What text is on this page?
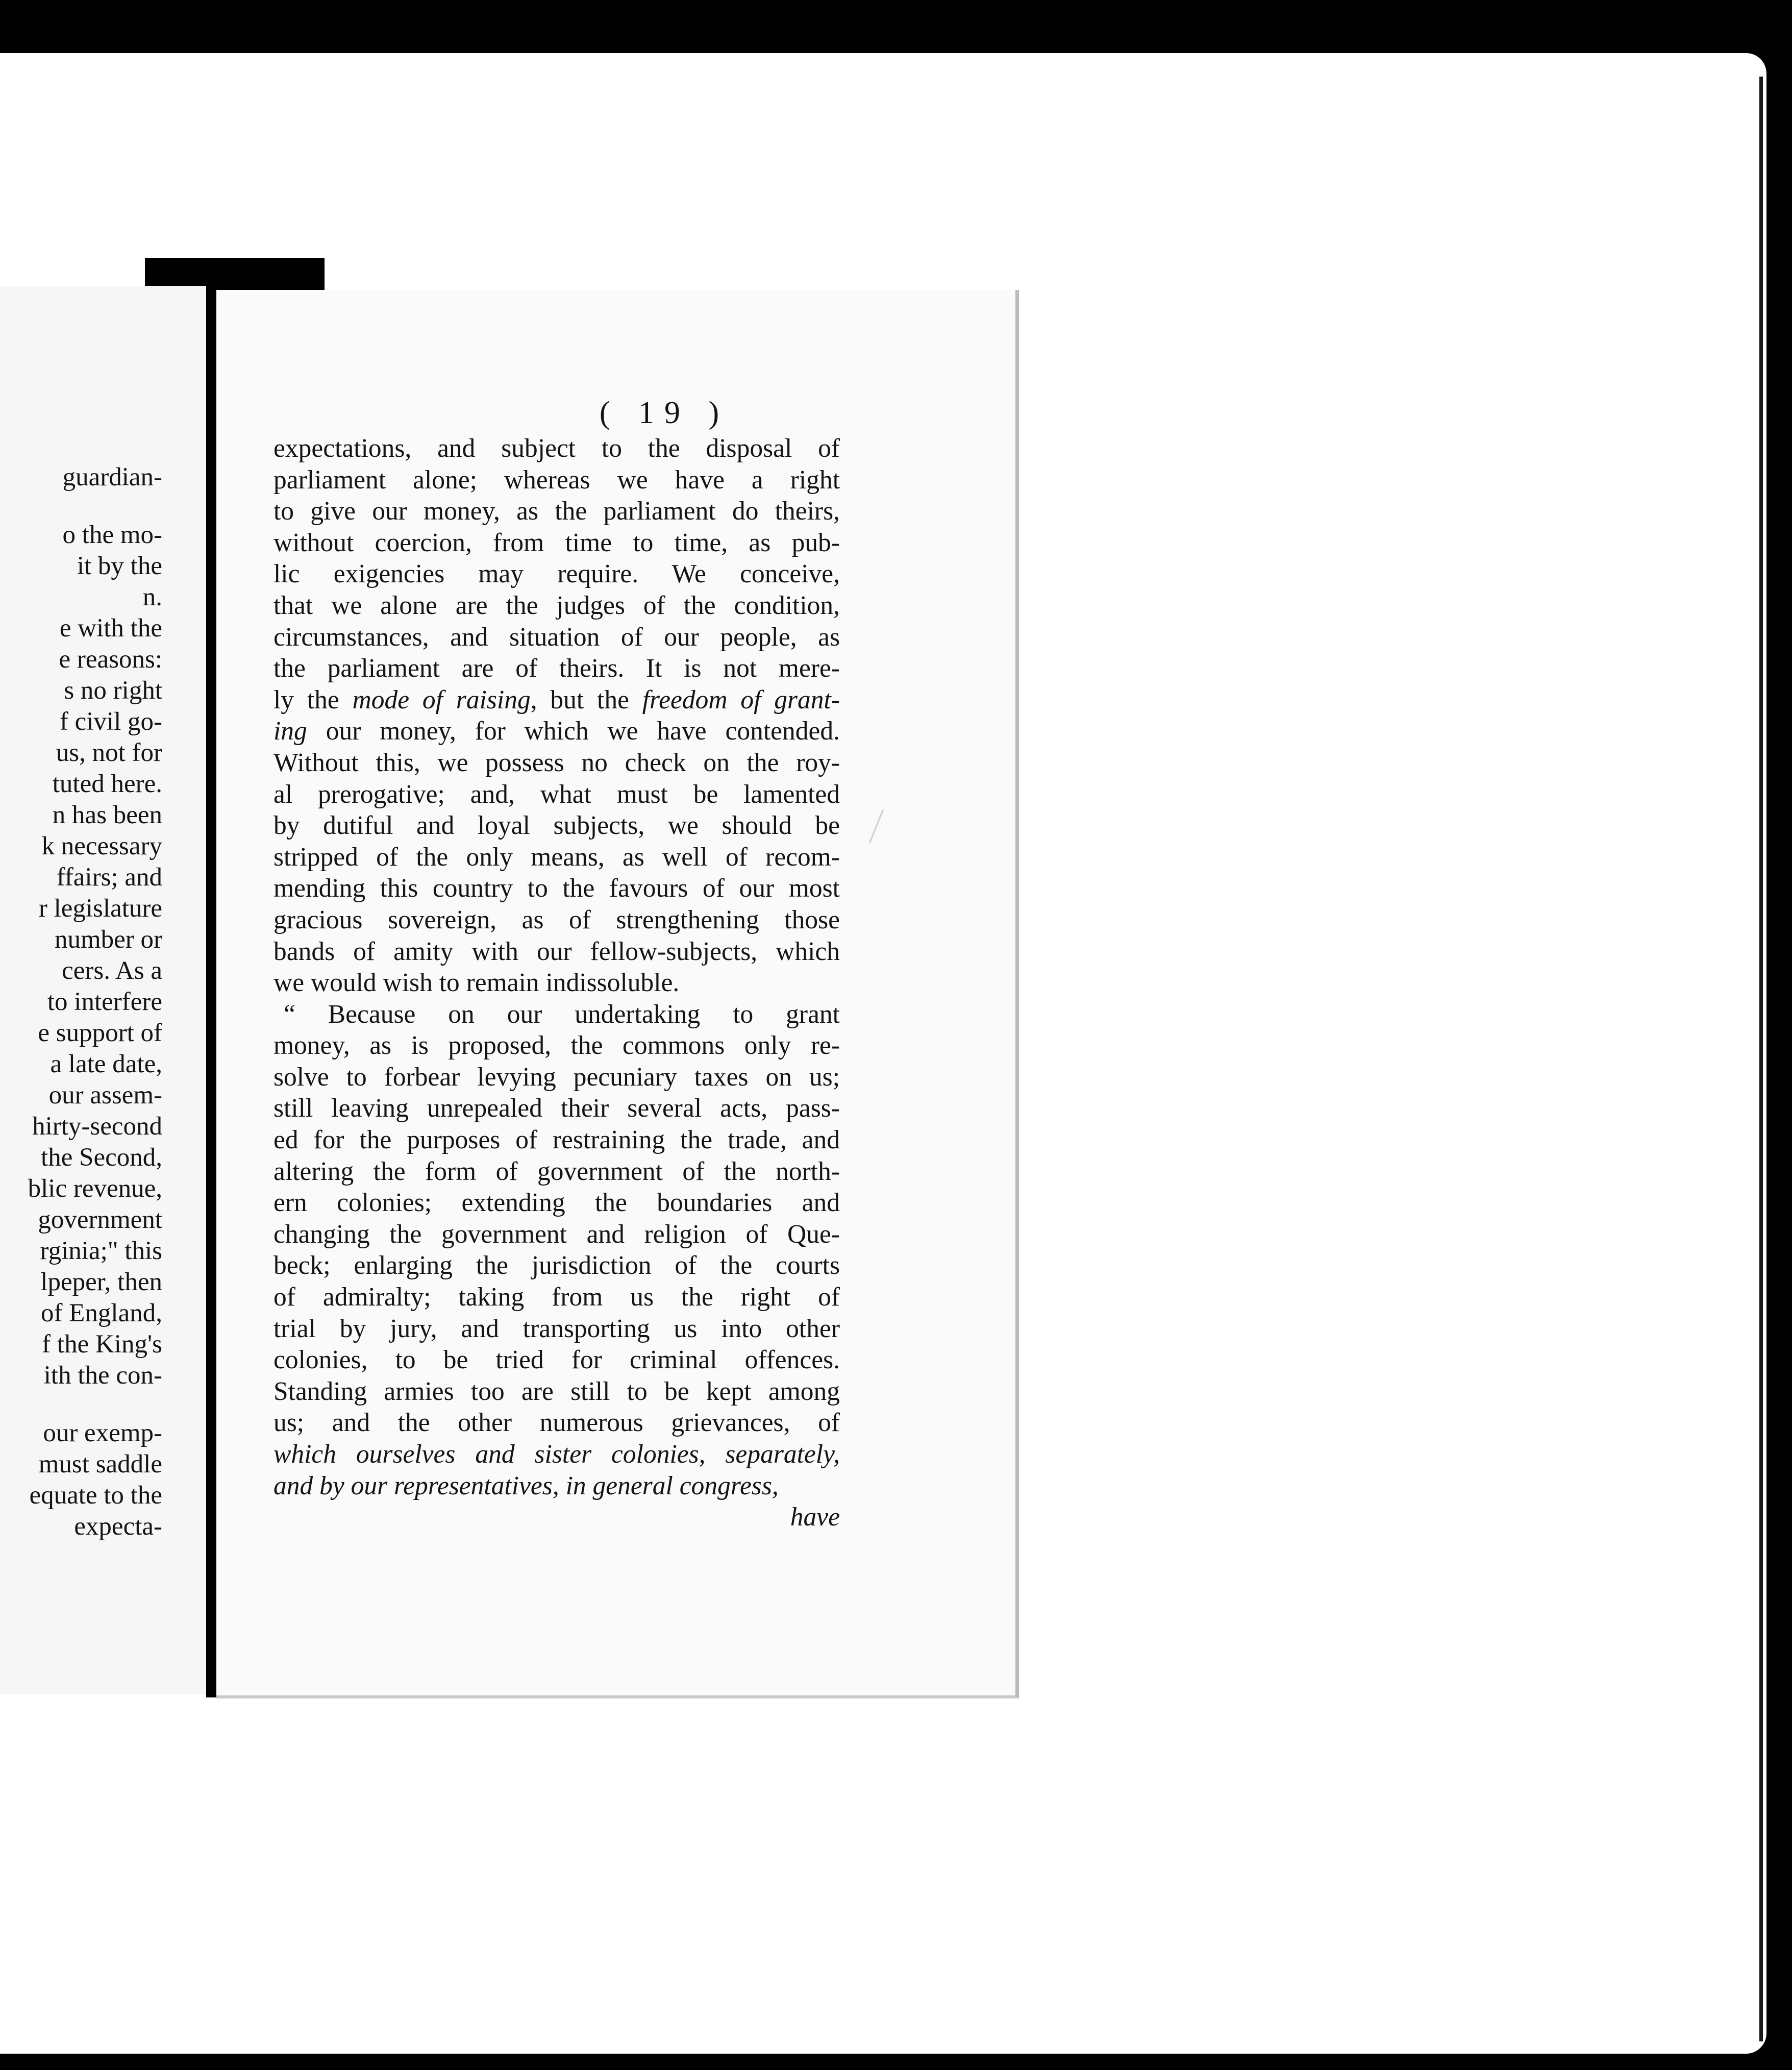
guardian-

o the mo-
it by the
n.
e with the
e reasons:
s no right
f civil go-
us, not for
tuted here.
n has been
k necessary
ffairs; and
r legislature
number or
cers. As a
to interfere
e support of
a late date,
our assem-
hirty-second
the Second,
blic revenue,
government
rginia;" this
lpeper, then
of England,
f the King's
ith the con-

our exemp-
must saddle
equate to the
expecta-
( 19 )
expectations, and subject to the disposal of
parliament alone; whereas we have a right
to give our money, as the parliament do theirs,
without coercion, from time to time, as pub-
lic exigencies may require. We conceive,
that we alone are the judges of the condition,
circumstances, and situation of our people, as
the parliament are of theirs. It is not mere-
ly the mode of raising, but the freedom of grant-
ing our money, for which we have contended.
Without this, we possess no check on the roy-
al prerogative; and, what must be lamented
by dutiful and loyal subjects, we should be
stripped of the only means, as well of recom-
mending this country to the favours of our most
gracious sovereign, as of strengthening those
bands of amity with our fellow-subjects, which
we would wish to remain indissoluble.
“ Because on our undertaking to grant
money, as is proposed, the commons only re-
solve to forbear levying pecuniary taxes on us;
still leaving unrepealed their several acts, pass-
ed for the purposes of restraining the trade, and
altering the form of government of the north-
ern colonies; extending the boundaries and
changing the government and religion of Que-
beck; enlarging the jurisdiction of the courts
of admiralty; taking from us the right of
trial by jury, and transporting us into other
colonies, to be tried for criminal offences.
Standing armies too are still to be kept among
us; and the other numerous grievances, of
which ourselves and sister colonies, separately,
and by our representatives, in general congress,
have
